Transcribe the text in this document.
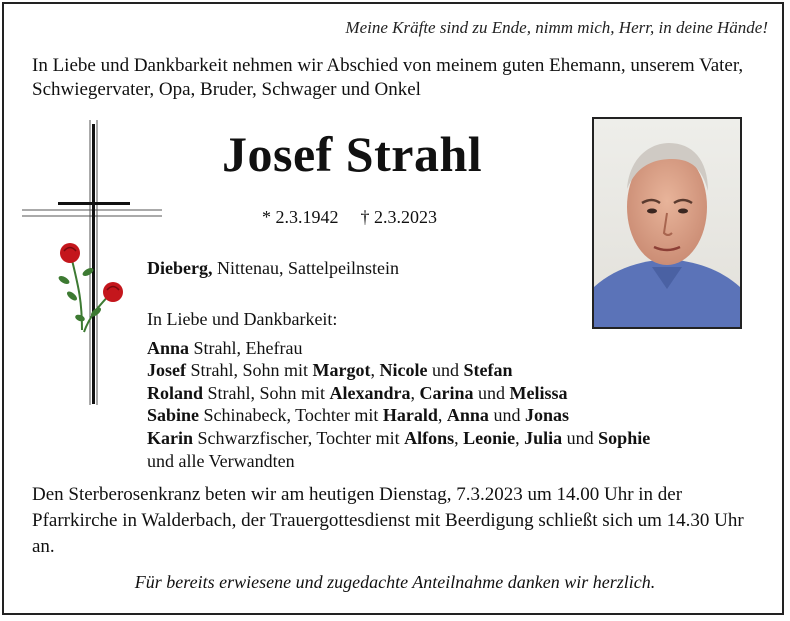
Meine Kräfte sind zu Ende, nimm mich, Herr, in deine Hände!
In Liebe und Dankbarkeit nehmen wir Abschied von meinem guten Ehemann, unserem Vater, Schwiegervater, Opa, Bruder, Schwager und Onkel
Josef Strahl
* 2.3.1942 † 2.3.2023
Dieberg, Nittenau, Sattelpeilnstein
In Liebe und Dankbarkeit:
Anna Strahl, Ehefrau
Josef Strahl, Sohn mit Margot, Nicole und Stefan
Roland Strahl, Sohn mit Alexandra, Carina und Melissa
Sabine Schinabeck, Tochter mit Harald, Anna und Jonas
Karin Schwarzfischer, Tochter mit Alfons, Leonie, Julia und Sophie
und alle Verwandten
Den Sterberosenkranz beten wir am heutigen Dienstag, 7.3.2023 um 14.00 Uhr in der Pfarrkirche in Walderbach, der Trauergottesdienst mit Beerdigung schließt sich um 14.30 Uhr an.
Für bereits erwiesene und zugedachte Anteilnahme danken wir herzlich.
